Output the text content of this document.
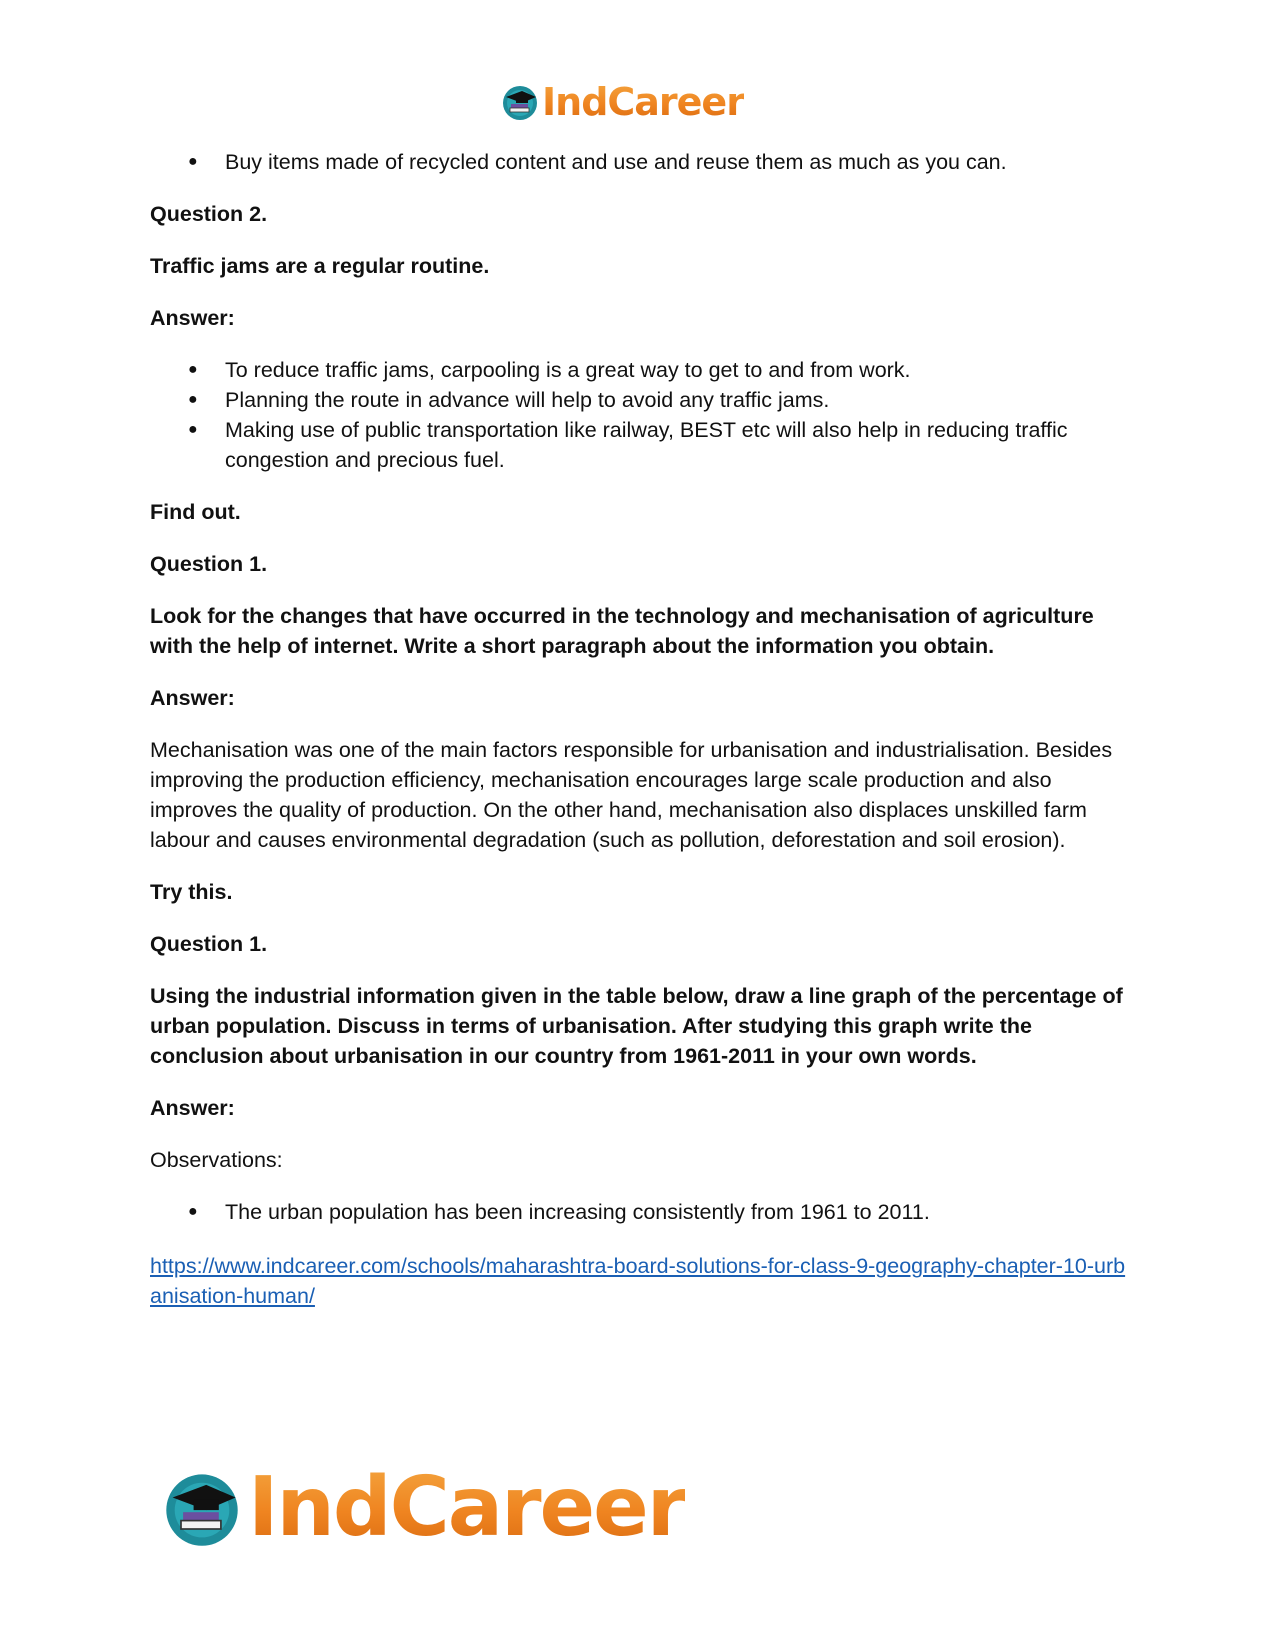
IndCareer
● Buy items made of recycled content and use and reuse them as much as you can.

Question 2.

Traffic jams are a regular routine.

Answer:

● To reduce traffic jams, carpooling is a great way to get to and from work.
● Planning the route in advance will help to avoid any traffic jams.
● Making use of public transportation like railway, BEST etc will also help in reducing traffic congestion and precious fuel.

Find out.

Question 1.

Look for the changes that have occurred in the technology and mechanisation of agriculture with the help of internet. Write a short paragraph about the information you obtain.

Answer:

Mechanisation was one of the main factors responsible for urbanisation and industrialisation. Besides improving the production efficiency, mechanisation encourages large scale production and also improves the quality of production. On the other hand, mechanisation also displaces unskilled farm labour and causes environmental degradation (such as pollution, deforestation and soil erosion).

Try this.

Question 1.

Using the industrial information given in the table below, draw a line graph of the percentage of urban population. Discuss in terms of urbanisation. After studying this graph write the conclusion about urbanisation in our country from 1961-2011 in your own words.

Answer:

Observations:

● The urban population has been increasing consistently from 1961 to 2011.

https://www.indcareer.com/schools/maharashtra-board-solutions-for-class-9-geography-chapter-10-urbanisation-human/

IndCareer
